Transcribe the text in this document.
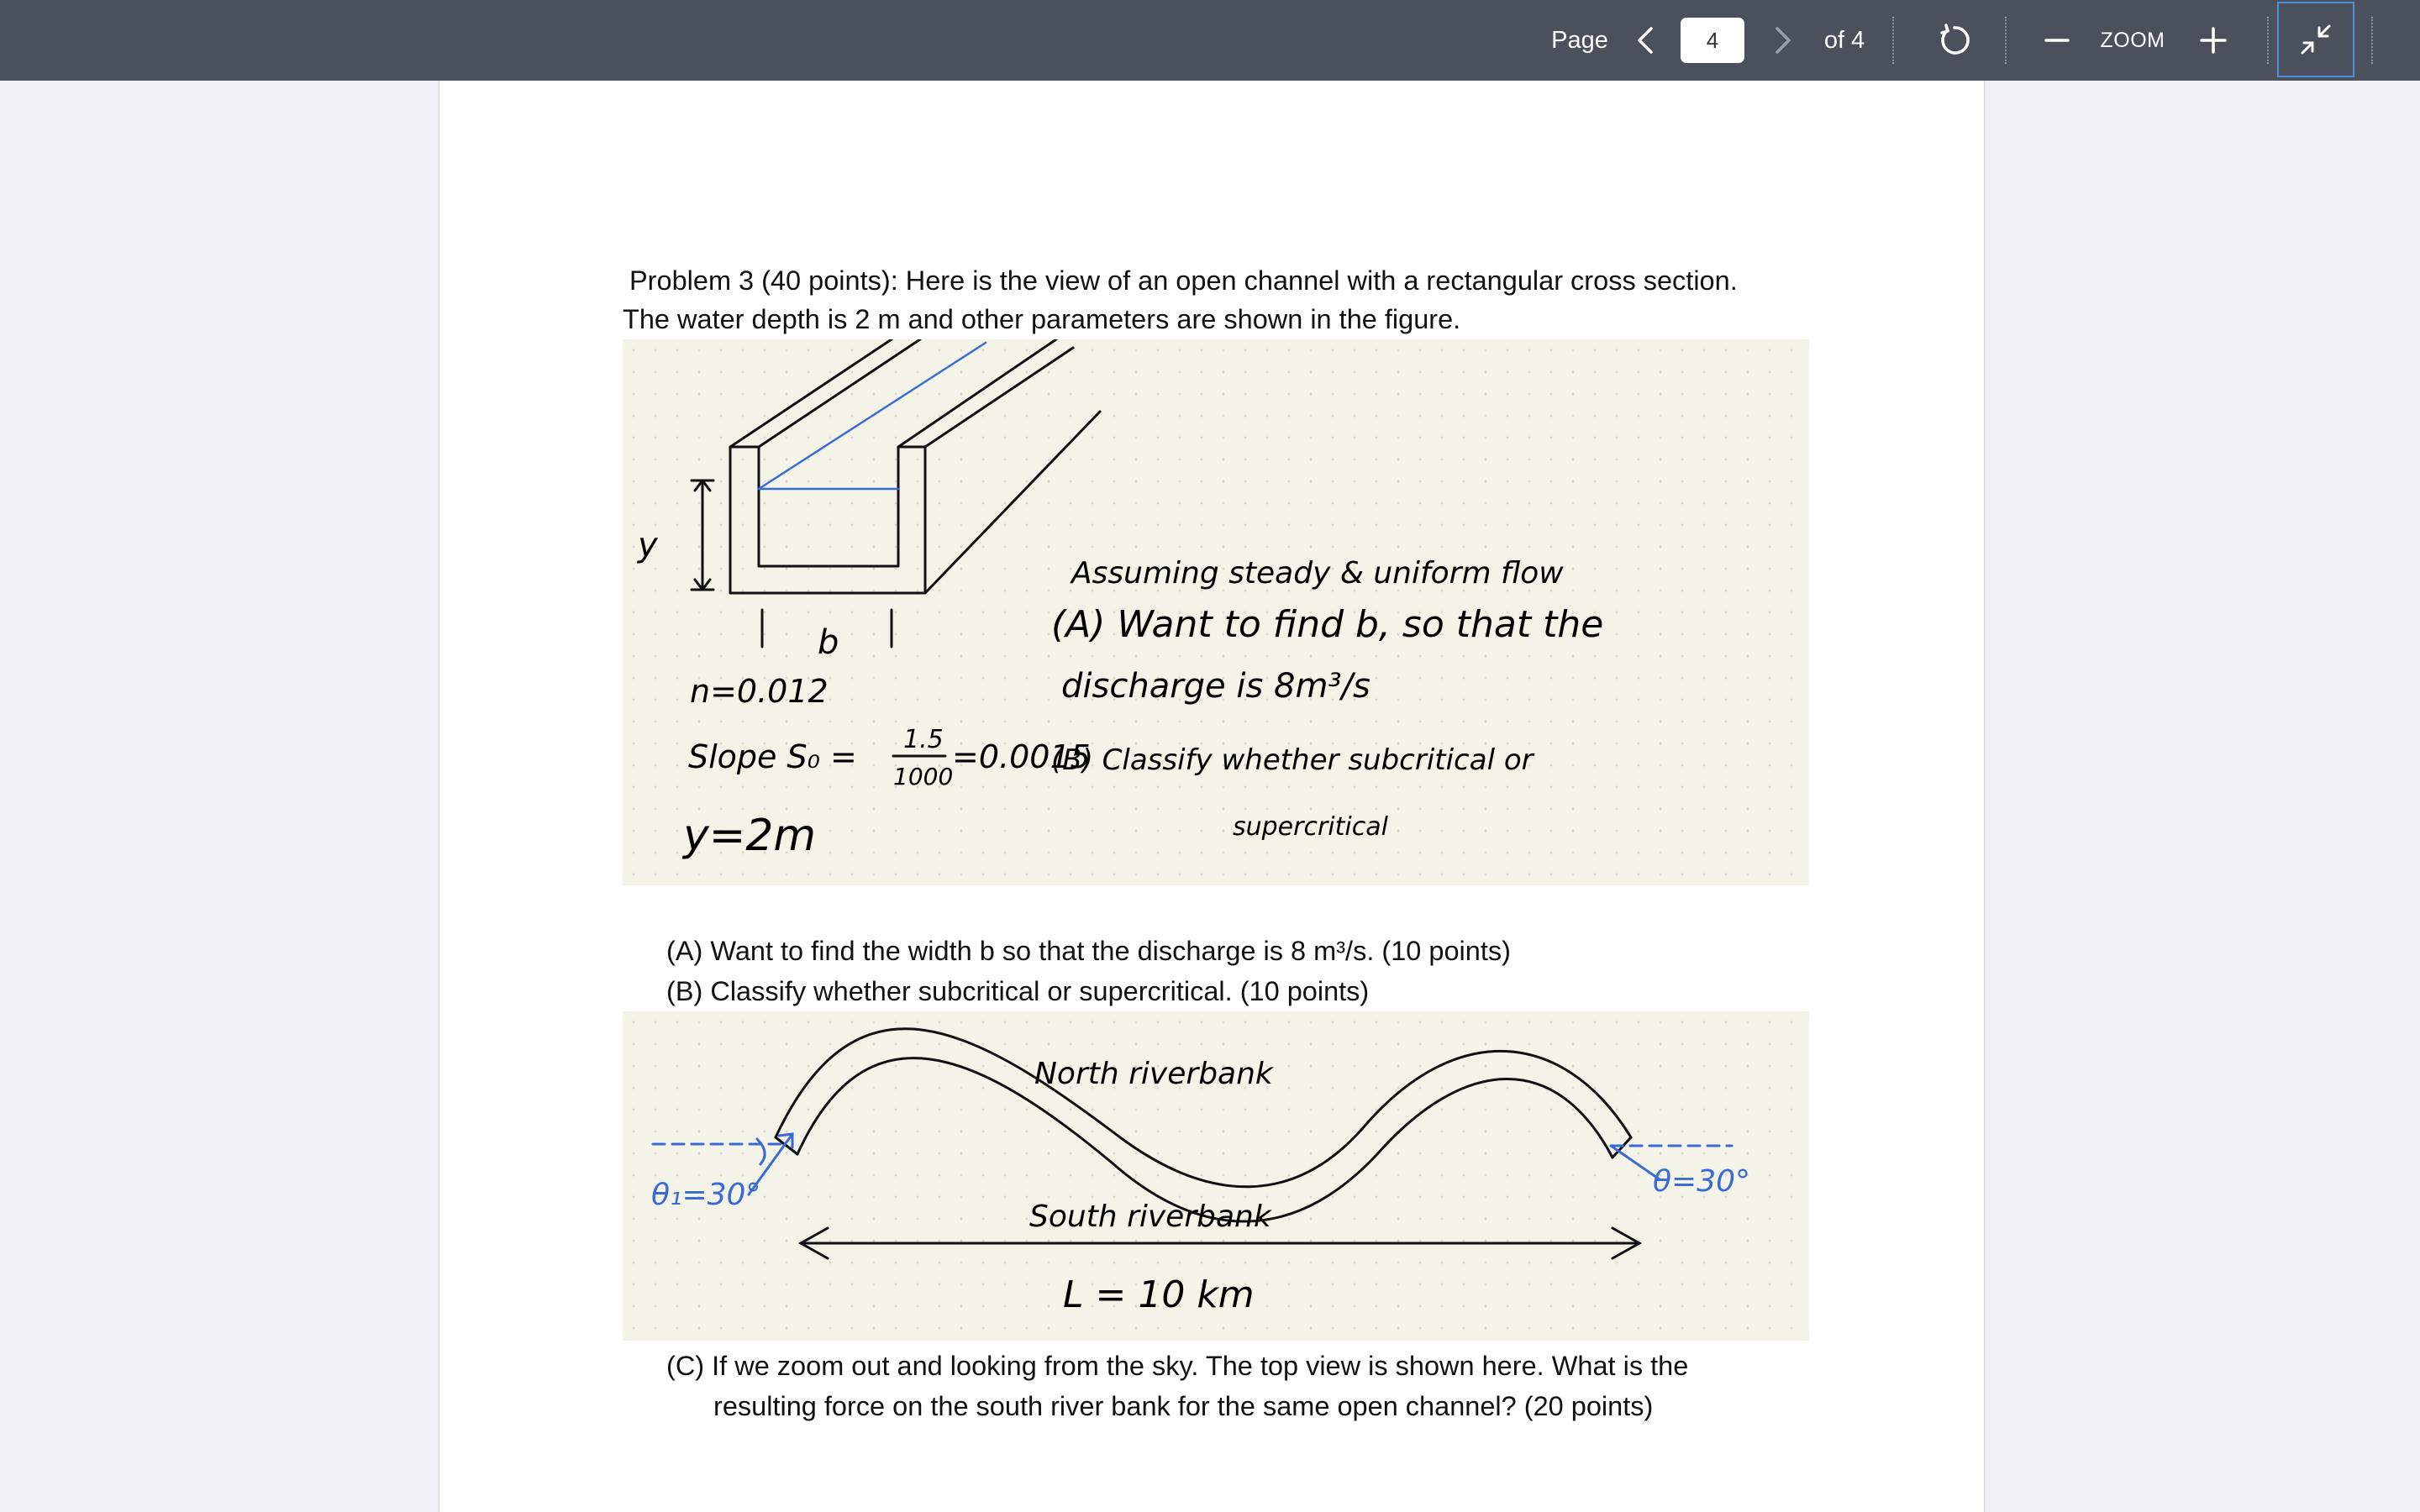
Page
4	of 4	ZOOM
Problem 3 (40 points): Here is the view of an open channel with a rectangular cross section.
The water depth is 2 m and other parameters are shown in the figure.
y
b
n=0.012
Slope S₀ = 1.5
1000
=0.0015
y=2m
Assuming steady & uniform flow
(A) Want to find b, so that the
discharge is 8m³/s
(B) Classify whether subcritical or
supercritical
(A) Want to find the width b so that the discharge is 8 m³/s. (10 points)
(B) Classify whether subcritical or supercritical. (10 points)
North riverbank
South riverbank
L = 10 km
θ₁=30°	θ=30°
(C) If we zoom out and looking from the sky. The top view is shown here. What is the
resulting force on the south river bank for the same open channel? (20 points)
